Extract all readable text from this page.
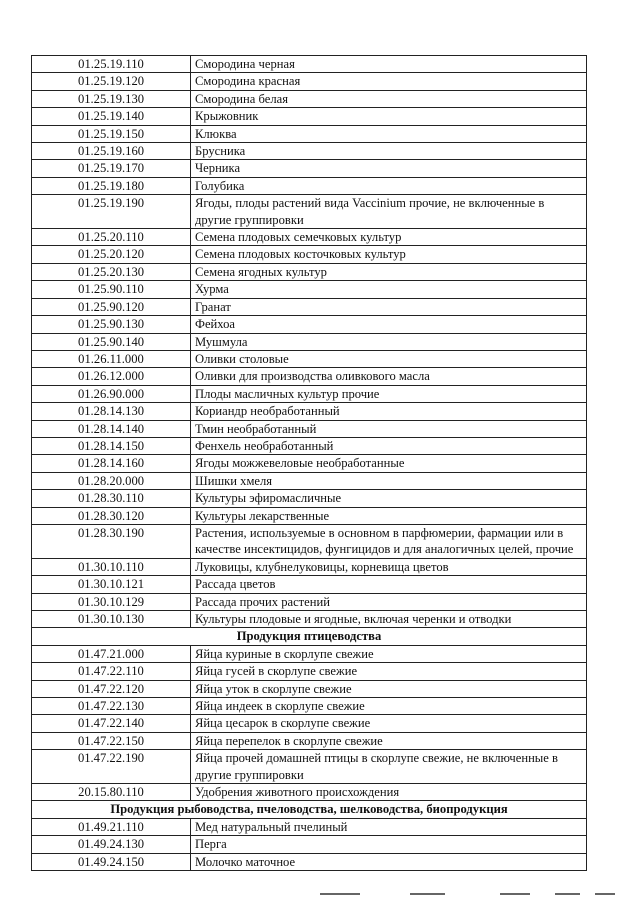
01.25.19.110	Смородина черная
01.25.19.120	Смородина красная
01.25.19.130	Смородина белая
01.25.19.140	Крыжовник
01.25.19.150	Клюква
01.25.19.160	Брусника
01.25.19.170	Черника
01.25.19.180	Голубика
01.25.19.190	Ягоды, плоды растений вида Vaccinium прочие, не включенные в другие группировки
01.25.20.110	Семена плодовых семечковых культур
01.25.20.120	Семена плодовых косточковых культур
01.25.20.130	Семена ягодных культур
01.25.90.110	Хурма
01.25.90.120	Гранат
01.25.90.130	Фейхоа
01.25.90.140	Мушмула
01.26.11.000	Оливки столовые
01.26.12.000	Оливки для производства оливкового масла
01.26.90.000	Плоды масличных культур прочие
01.28.14.130	Кориандр необработанный
01.28.14.140	Тмин необработанный
01.28.14.150	Фенхель необработанный
01.28.14.160	Ягоды можжевеловые необработанные
01.28.20.000	Шишки хмеля
01.28.30.110	Культуры эфиромасличные
01.28.30.120	Культуры лекарственные
01.28.30.190	Растения, используемые в основном в парфюмерии, фармации или в качестве инсектицидов, фунгицидов и для аналогичных целей, прочие
01.30.10.110	Луковицы, клубнелуковицы, корневища цветов
01.30.10.121	Рассада цветов
01.30.10.129	Рассада прочих растений
01.30.10.130	Культуры плодовые и ягодные, включая черенки и отводки
Продукция птицеводства	
01.47.21.000	Яйца куриные в скорлупе свежие
01.47.22.110	Яйца гусей в скорлупе свежие
01.47.22.120	Яйца уток в скорлупе свежие
01.47.22.130	Яйца индеек в скорлупе свежие
01.47.22.140	Яйца цесарок в скорлупе свежие
01.47.22.150	Яйца перепелок в скорлупе свежие
01.47.22.190	Яйца прочей домашней птицы в скорлупе свежие, не включенные в другие группировки
20.15.80.110	Удобрения животного происхождения
Продукция рыбоводства, пчеловодства, шелководства, биопродукция	
01.49.21.110	Мед натуральный пчелиный
01.49.24.130	Перга
01.49.24.150	Молочко маточное
